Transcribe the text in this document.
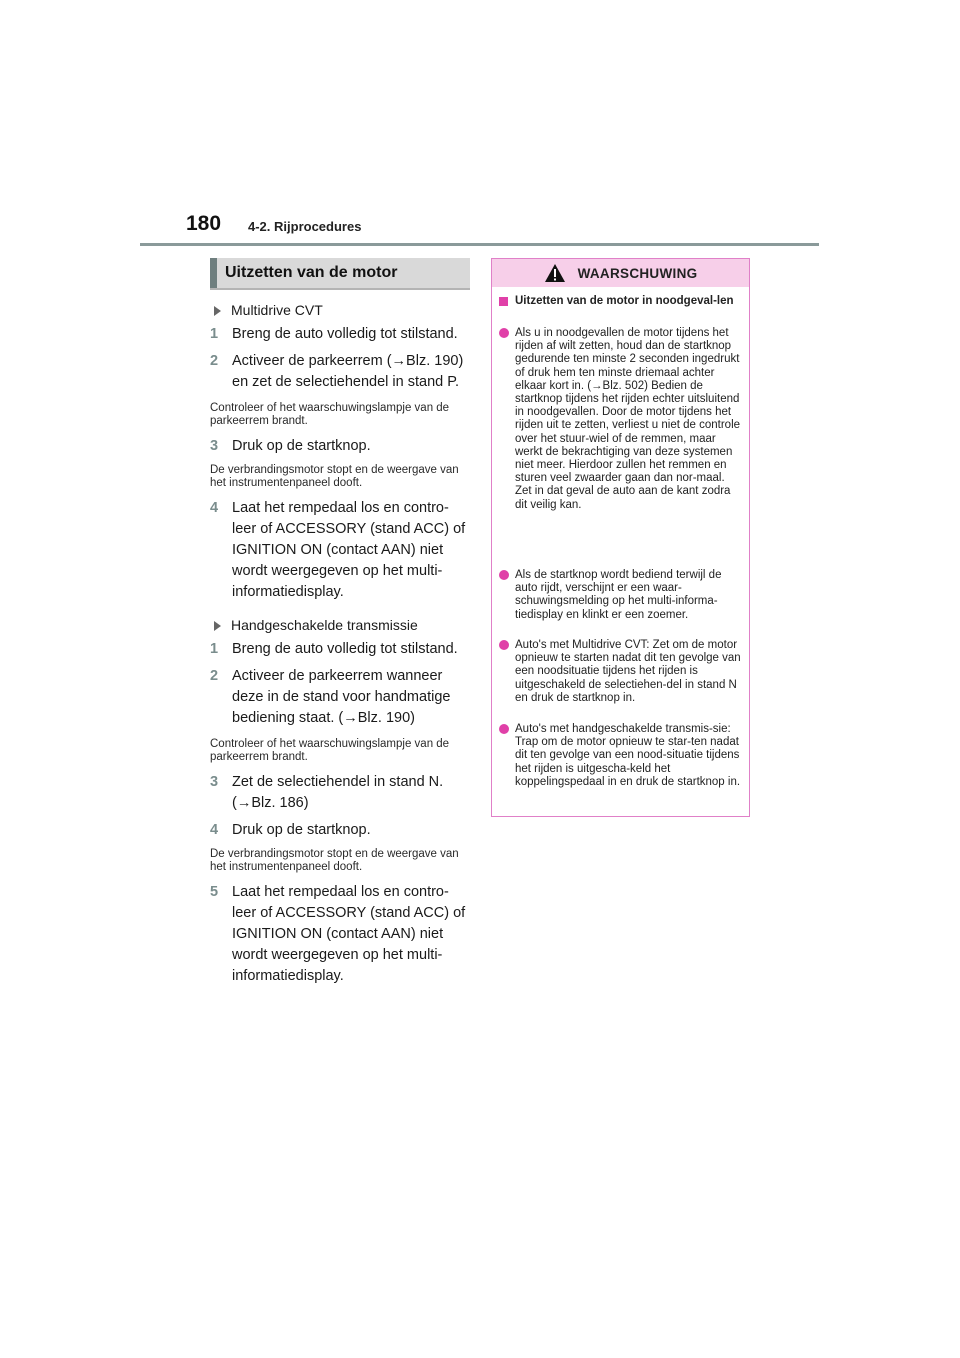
180 4-2. Rijprocedures
Uitzetten van de motor
Multidrive CVT
1 Breng de auto volledig tot stilstand.
2 Activeer de parkeerrem (→Blz. 190) en zet de selectiehendel in stand P.
Controleer of het waarschuwingslampje van de parkeerrem brandt.
3 Druk op de startknop.
De verbrandingsmotor stopt en de weergave van het instrumentenpaneel dooft.
4 Laat het rempedaal los en contro-leer of ACCESSORY (stand ACC) of IGNITION ON (contact AAN) niet wordt weergegeven op het multi-informatiedisplay.
Handgeschakelde transmissie
1 Breng de auto volledig tot stilstand.
2 Activeer de parkeerrem wanneer deze in de stand voor handmatige bediening staat. (→Blz. 190)
Controleer of het waarschuwingslampje van de parkeerrem brandt.
3 Zet de selectiehendel in stand N. (→Blz. 186)
4 Druk op de startknop.
De verbrandingsmotor stopt en de weergave van het instrumentenpaneel dooft.
5 Laat het rempedaal los en contro-leer of ACCESSORY (stand ACC) of IGNITION ON (contact AAN) niet wordt weergegeven op het multi-informatiedisplay.
WAARSCHUWING
Uitzetten van de motor in noodgeval-len
Als u in noodgevallen de motor tijdens het rijden af wilt zetten, houd dan de startknop gedurende ten minste 2 seconden ingedrukt of druk hem ten minste driemaal achter elkaar kort in. (→Blz. 502) Bedien de startknop tijdens het rijden echter uitsluitend in noodgevallen. Door de motor tijdens het rijden uit te zetten, verliest u niet de controle over het stuur-wiel of de remmen, maar werkt de bekrachtiging van deze systemen niet meer. Hierdoor zullen het remmen en sturen veel zwaarder gaan dan nor-maal. Zet in dat geval de auto aan de kant zodra dit veilig kan.
Als de startknop wordt bediend terwijl de auto rijdt, verschijnt er een waar-schuwingsmelding op het multi-informa-tiedisplay en klinkt er een zoemer.
Auto's met Multidrive CVT: Zet om de motor opnieuw te starten nadat dit ten gevolge van een noodsituatie tijdens het rijden is uitgeschakeld de selectiehen-del in stand N en druk de startknop in.
Auto's met handgeschakelde transmis-sie: Trap om de motor opnieuw te star-ten nadat dit ten gevolge van een nood-situatie tijdens het rijden is uitgescha-keld het koppelingspedaal in en druk de startknop in.
